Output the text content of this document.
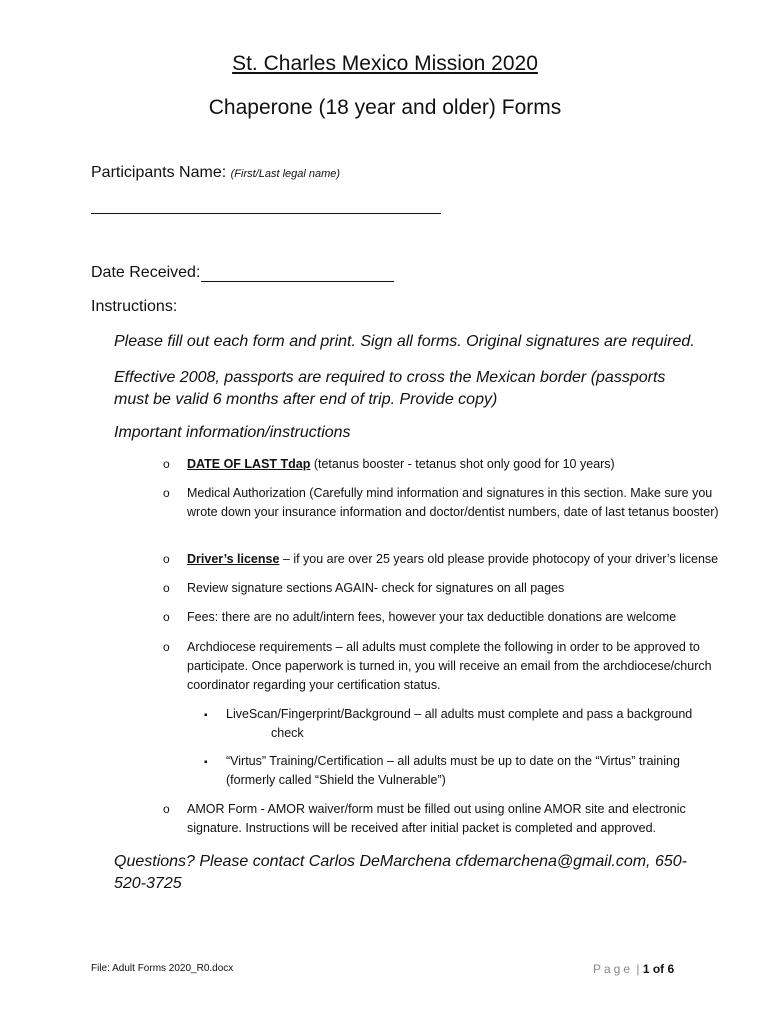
St. Charles Mexico Mission 2020
Chaperone (18 year and older) Forms
Participants Name: (First/Last legal name)
Date Received:
Instructions:
Please fill out each form and print. Sign all forms. Original signatures are required.
Effective 2008, passports are required to cross the Mexican border (passports must be valid 6 months after end of trip. Provide copy)
Important information/instructions
o DATE OF LAST Tdap (tetanus booster - tetanus shot only good for 10 years)
o Medical Authorization (Carefully mind information and signatures in this section. Make sure you wrote down your insurance information and doctor/dentist numbers, date of last tetanus booster)
o Driver’s license – if you are over 25 years old please provide photocopy of your driver’s license
o Review signature sections AGAIN- check for signatures on all pages
o Fees: there are no adult/intern fees, however your tax deductible donations are welcome
o Archdiocese requirements – all adults must complete the following in order to be approved to participate. Once paperwork is turned in, you will receive an email from the archdiocese/church coordinator regarding your certification status.
▪ LiveScan/Fingerprint/Background – all adults must complete and pass a background
check
▪ “Virtus” Training/Certification – all adults must be up to date on the “Virtus” training (formerly called “Shield the Vulnerable”)
o AMOR Form - AMOR waiver/form must be filled out using online AMOR site and electronic signature. Instructions will be received after initial packet is completed and approved.
Questions? Please contact Carlos DeMarchena cfdemarchena@gmail.com, 650-520-3725
File: Adult Forms 2020_R0.docx	Page | 1 of 6
